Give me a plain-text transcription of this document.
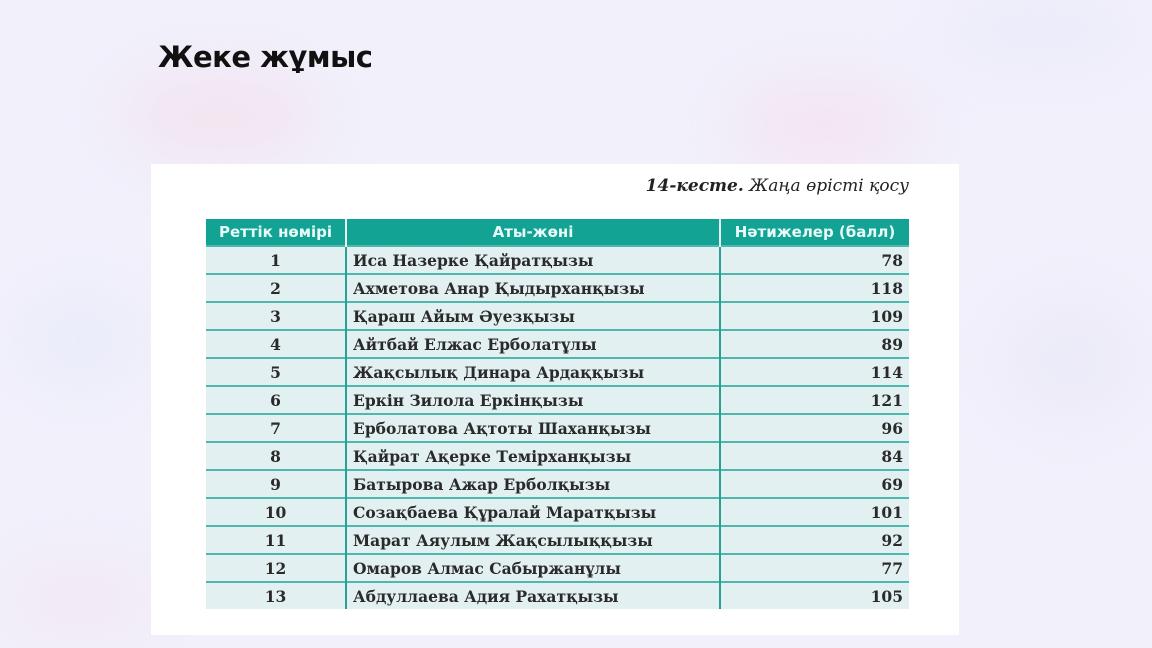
Жеке жұмыс
14-кесте. Жаңа өрісті қосу
Реттік нөмірі	Аты-жөні	Нәтижелер (балл)
1	Иса Назерке Қайратқызы	78
2	Ахметова Анар Қыдырханқызы	118
3	Қараш Айым Әуезқызы	109
4	Айтбай Елжас Ерболатұлы	89
5	Жақсылық Динара Ардаққызы	114
6	Еркін Зилола Еркінқызы	121
7	Ерболатова Ақтоты Шаханқызы	96
8	Қайрат Ақерке Темірханқызы	84
9	Батырова Ажар Ерболқызы	69
10	Созақбаева Құралай Маратқызы	101
11	Марат Аяулым Жақсылыққызы	92
12	Омаров Алмас Сабыржанұлы	77
13	Абдуллаева Адия Рахатқызы	105
